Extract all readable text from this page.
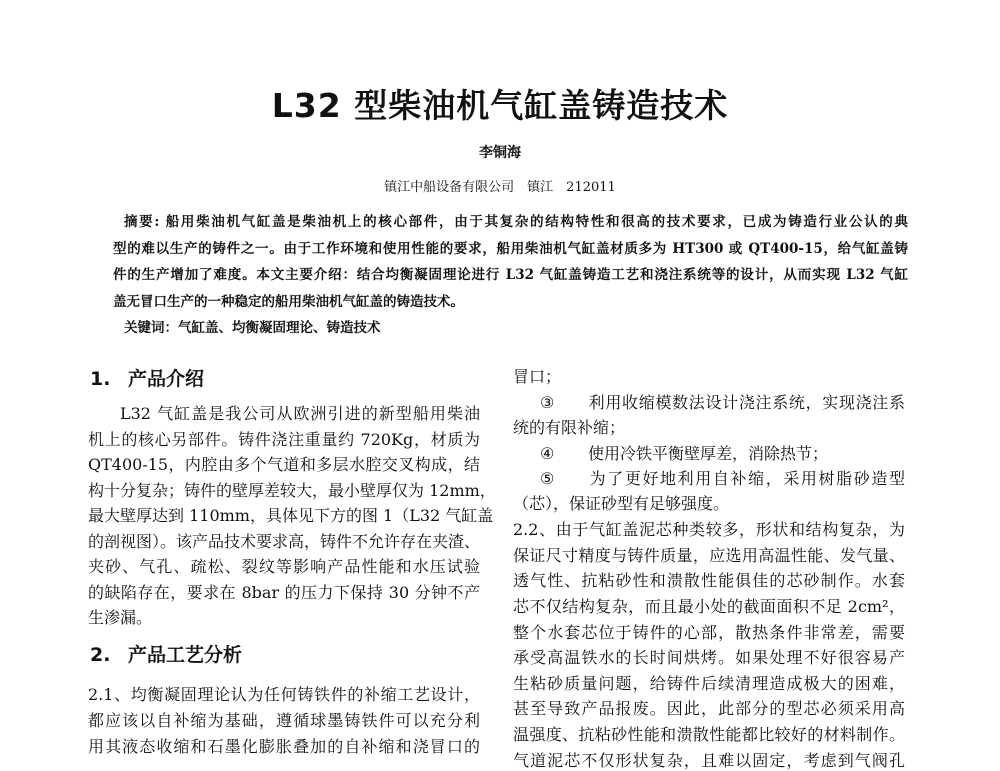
L32 型柴油机气缸盖铸造技术
李铜海
镇江中船设备有限公司　镇江　212011
摘要: 船用柴油机气缸盖是柴油机上的核心部件，由于其复杂的结构特性和很高的技术要求，已成为铸造行业公认的典
型的难以生产的铸件之一。由于工作环境和使用性能的要求，船用柴油机气缸盖材质多为 HT300 或 QT400-15，给气缸盖铸
件的生产增加了难度。本文主要介绍：结合均衡凝固理论进行 L32 气缸盖铸造工艺和浇注系统等的设计，从而实现 L32 气缸
盖无冒口生产的一种稳定的船用柴油机气缸盖的铸造技术。
关键词：气缸盖、均衡凝固理论、铸造技术
1. 产品介绍
L32 气缸盖是我公司从欧洲引进的新型船用柴油
机上的核心另部件。铸件浇注重量约 720Kg，材质为
QT400-15，内腔由多个气道和多层水腔交叉构成，结
构十分复杂；铸件的壁厚差较大，最小壁厚仅为 12mm，
最大壁厚达到 110mm，具体见下方的图 1（L32 气缸盖
的剖视图）。该产品技术要求高，铸件不允许存在夹渣、
夹砂、气孔、疏松、裂纹等影响产品性能和水压试验
的缺陷存在，要求在 8bar 的压力下保持 30 分钟不产
生渗漏。
2. 产品工艺分析
2.1、均衡凝固理论认为任何铸铁件的补缩工艺设计，
都应该以自补缩为基础，遵循球墨铸铁件可以充分利
用其液态收缩和石墨化膨胀叠加的自补缩和浇冒口的
冒口；
③ 利用收缩模数法设计浇注系统，实现浇注系
统的有限补缩；
④ 使用冷铁平衡壁厚差，消除热节；
⑤ 为了更好地利用自补缩，采用树脂砂造型
（芯），保证砂型有足够强度。
2.2、由于气缸盖泥芯种类较多，形状和结构复杂，为
保证尺寸精度与铸件质量，应选用高温性能、发气量、
透气性、抗粘砂性和溃散性能俱佳的芯砂制作。水套
芯不仅结构复杂，而且最小处的截面面积不足 2cm²，
整个水套芯位于铸件的心部，散热条件非常差，需要
承受高温铁水的长时间烘烤。如果处理不好很容易产
生粘砂质量问题，给铸件后续清理造成极大的困难，
甚至导致产品报废。因此，此部分的型芯必须采用高
温强度、抗粘砂性能和溃散性能都比较好的材料制作。
气道泥芯不仅形状复杂，且难以固定，考虑到气阀孔
